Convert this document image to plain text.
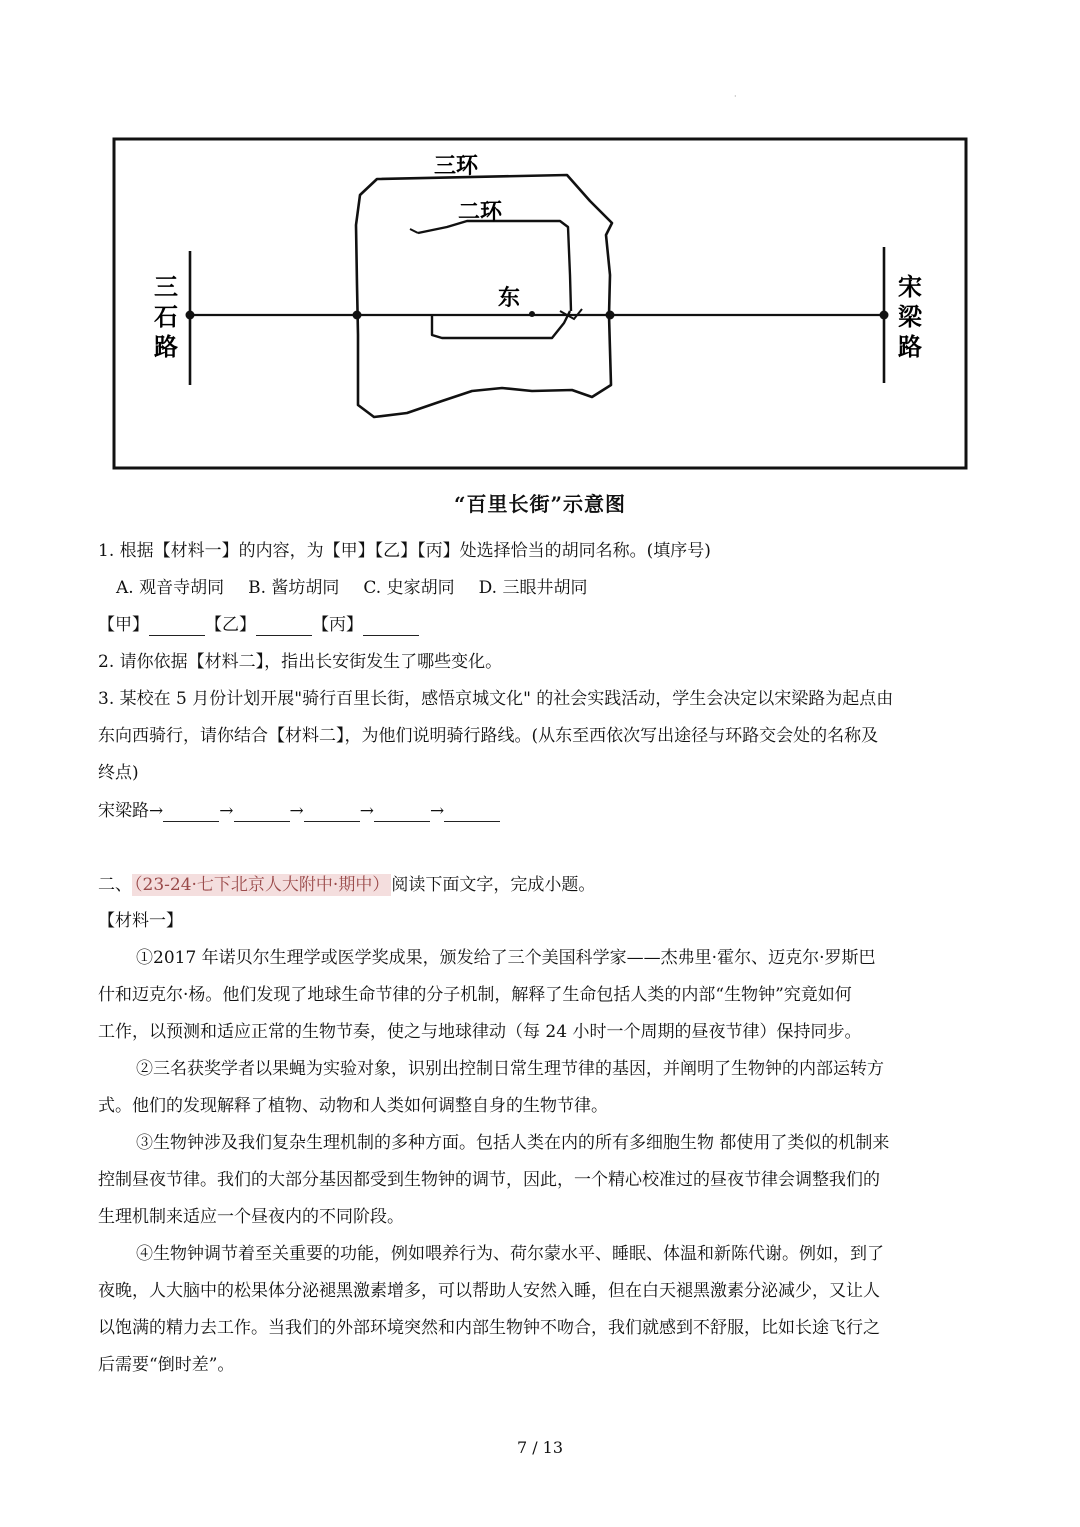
·
三环
二环
东
三石路
宋梁路
“百里长街”示意图
1. 根据【材料一】的内容，为【甲】【乙】【丙】处选择恰当的胡同名称。(填序号)
A. 观音寺胡同 B. 酱坊胡同 C. 史家胡同 D. 三眼井胡同
【甲】	【乙】	【丙】
2. 请你依据【材料二】，指出长安街发生了哪些变化。
3. 某校在 5 月份计划开展"骑行百里长街，感悟京城文化" 的社会实践活动，学生会决定以宋梁路为起点由
东向西骑行，请你结合【材料二】，为他们说明骑行路线。(从东至西依次写出途径与环路交会处的名称及
终点)
宋梁路→	→	→	→	→
二、 （23-24·七下北京人大附中·期中） 阅读下面文字，完成小题。
【材料一】
①2017 年诺贝尔生理学或医学奖成果，颁发给了三个美国科学家——杰弗里·霍尔、迈克尔·罗斯巴
什和迈克尔·杨。他们发现了地球生命节律的分子机制，解释了生命包括人类的内部“生物钟”究竟如何
工作，以预测和适应正常的生物节奏，使之与地球律动（每 24 小时一个周期的昼夜节律）保持同步。
②三名获奖学者以果蝇为实验对象，识别出控制日常生理节律的基因，并阐明了生物钟的内部运转方
式。他们的发现解释了植物、动物和人类如何调整自身的生物节律。
③生物钟涉及我们复杂生理机制的多种方面。包括人类在内的所有多细胞生物 都使用了类似的机制来
控制昼夜节律。我们的大部分基因都受到生物钟的调节，因此，一个精心校准过的昼夜节律会调整我们的
生理机制来适应一个昼夜内的不同阶段。
④生物钟调节着至关重要的功能，例如喂养行为、荷尔蒙水平、睡眠、体温和新陈代谢。例如，到了
夜晚，人大脑中的松果体分泌褪黑激素增多，可以帮助人安然入睡，但在白天褪黑激素分泌减少，又让人
以饱满的精力去工作。当我们的外部环境突然和内部生物钟不吻合，我们就感到不舒服，比如长途飞行之
后需要“倒时差”。
7 / 13
